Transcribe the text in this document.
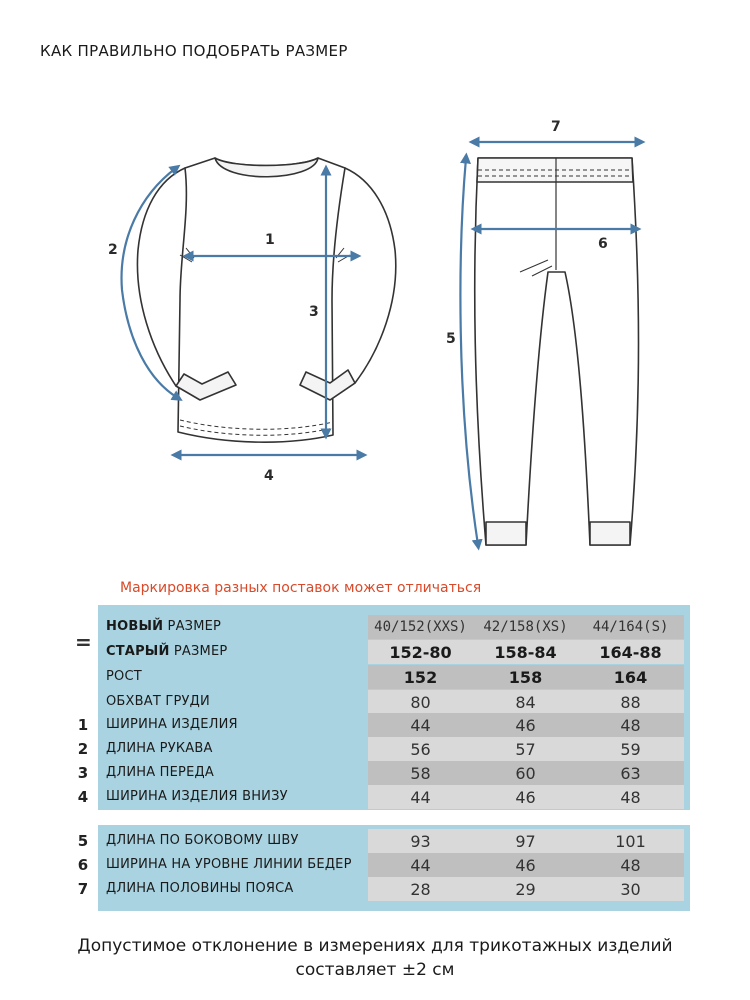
КАК ПРАВИЛЬНО ПОДОБРАТЬ РАЗМЕР
1
2
3
4
5
6
7
Маркировка разных поставок может отличаться
=
НОВЫЙ РАЗМЕР	40/152(XXS)	42/158(XS)	44/164(S)
СТАРЫЙ РАЗМЕР	152-80	158-84	164-88
РОСТ	152	158	164
ОБХВАТ ГРУДИ	80	84	88
1 ШИРИНА ИЗДЕЛИЯ	44	46	48
2 ДЛИНА РУКАВА	56	57	59
3 ДЛИНА ПЕРЕДА	58	60	63
4 ШИРИНА ИЗДЕЛИЯ ВНИЗУ	44	46	48
5 ДЛИНА ПО БОКОВОМУ ШВУ	93	97	101
6 ШИРИНА НА УРОВНЕ ЛИНИИ БЕДЕР	44	46	48
7 ДЛИНА ПОЛОВИНЫ ПОЯСА	28	29	30
Допустимое отклонение в измерениях для трикотажных изделий
составляет ±2 см
